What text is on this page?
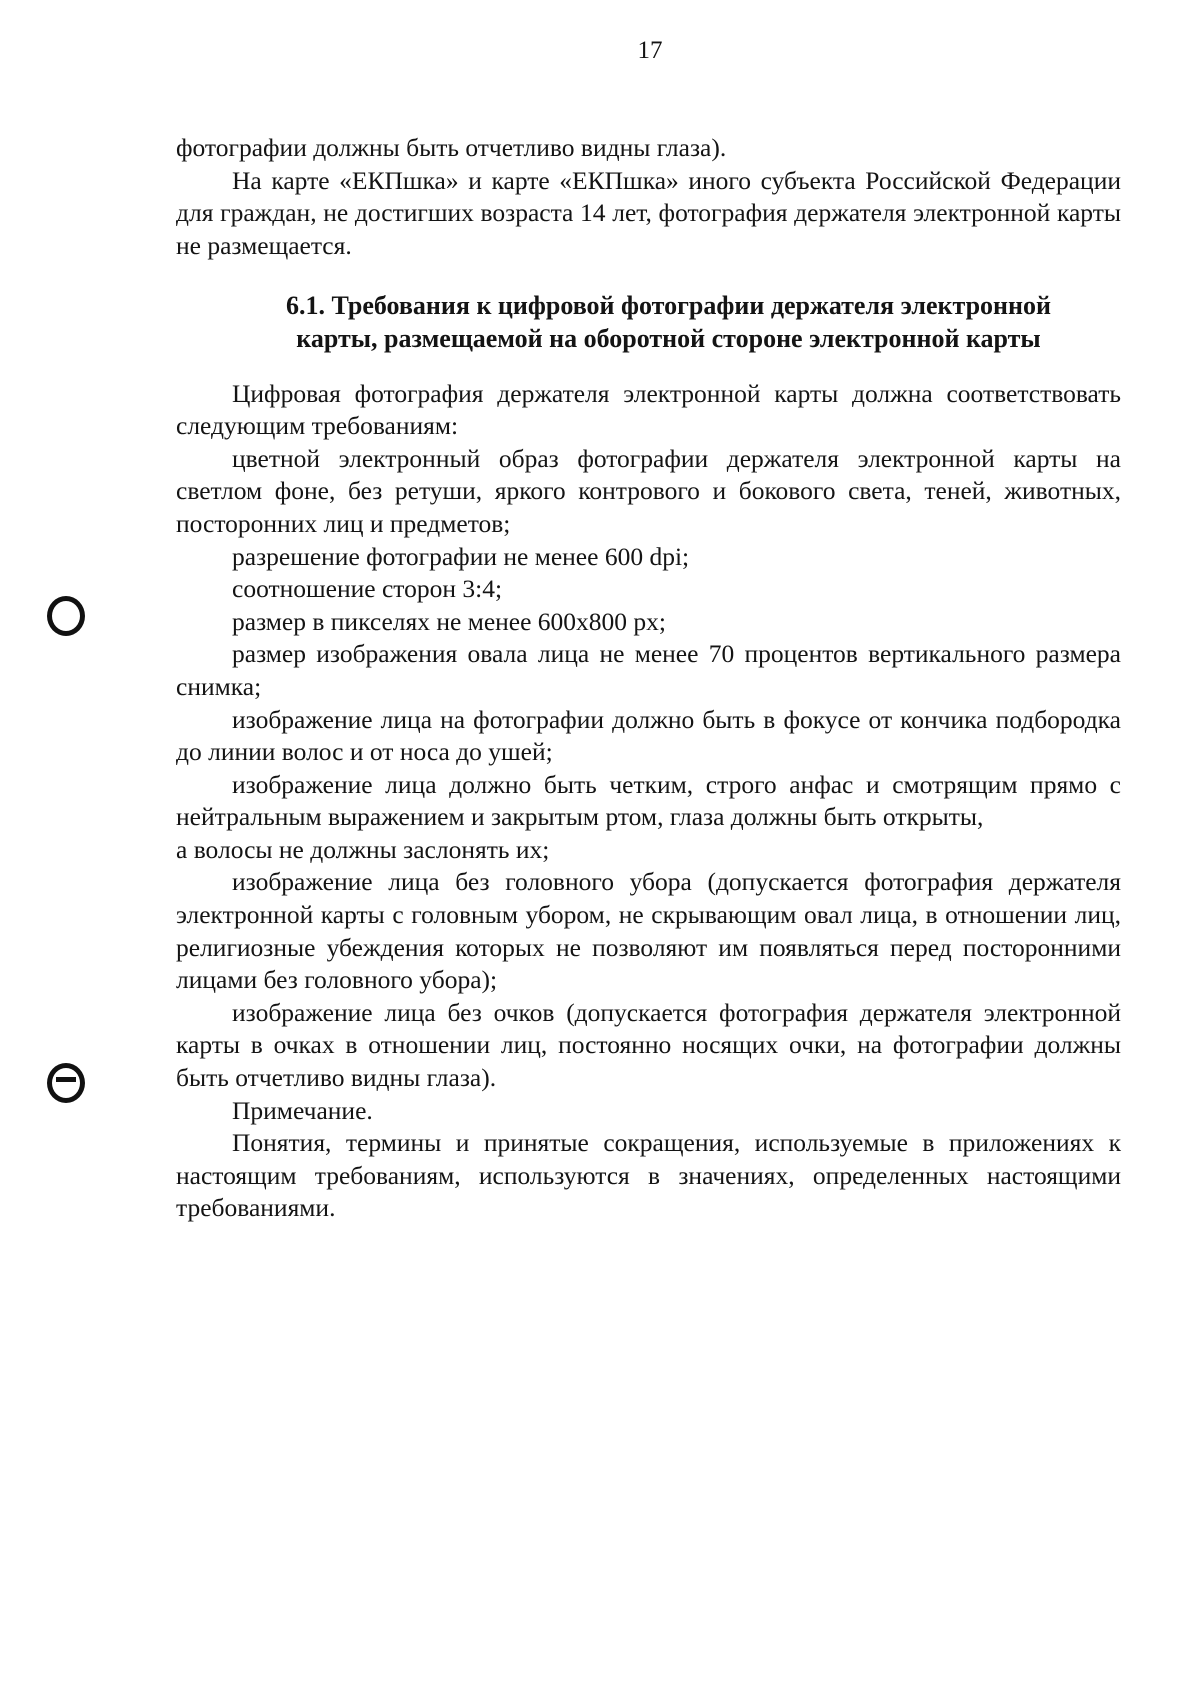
17

фотографии должны быть отчетливо видны глаза).

На карте «ЕКПшка» и карте «ЕКПшка» иного субъекта Российской Федерации для граждан, не достигших возраста 14 лет, фотография держателя электронной карты не размещается.

6.1. Требования к цифровой фотографии держателя электронной
карты, размещаемой на оборотной стороне электронной карты

Цифровая фотография держателя электронной карты должна соответствовать следующим требованиям:

цветной электронный образ фотографии держателя электронной карты на светлом фоне, без ретуши, яркого контрового и бокового света, теней, животных, посторонних лиц и предметов;

разрешение фотографии не менее 600 dpi;

соотношение сторон 3:4;

размер в пикселях не менее 600x800 px;

размер изображения овала лица не менее 70 процентов вертикального размера снимка;

изображение лица на фотографии должно быть в фокусе от кончика подбородка до линии волос и от носа до ушей;

изображение лица должно быть четким, строго анфас и смотрящим прямо с нейтральным выражением и закрытым ртом, глаза должны быть открыты,

а волосы не должны заслонять их;

изображение лица без головного убора (допускается фотография держателя электронной карты с головным убором, не скрывающим овал лица, в отношении лиц, религиозные убеждения которых не позволяют им появляться перед посторонними лицами без головного убора);

изображение лица без очков (допускается фотография держателя электронной карты в очках в отношении лиц, постоянно носящих очки, на фотографии должны быть отчетливо видны глаза).

Примечание.

Понятия, термины и принятые сокращения, используемые в приложениях к настоящим требованиям, используются в значениях, определенных настоящими требованиями.
